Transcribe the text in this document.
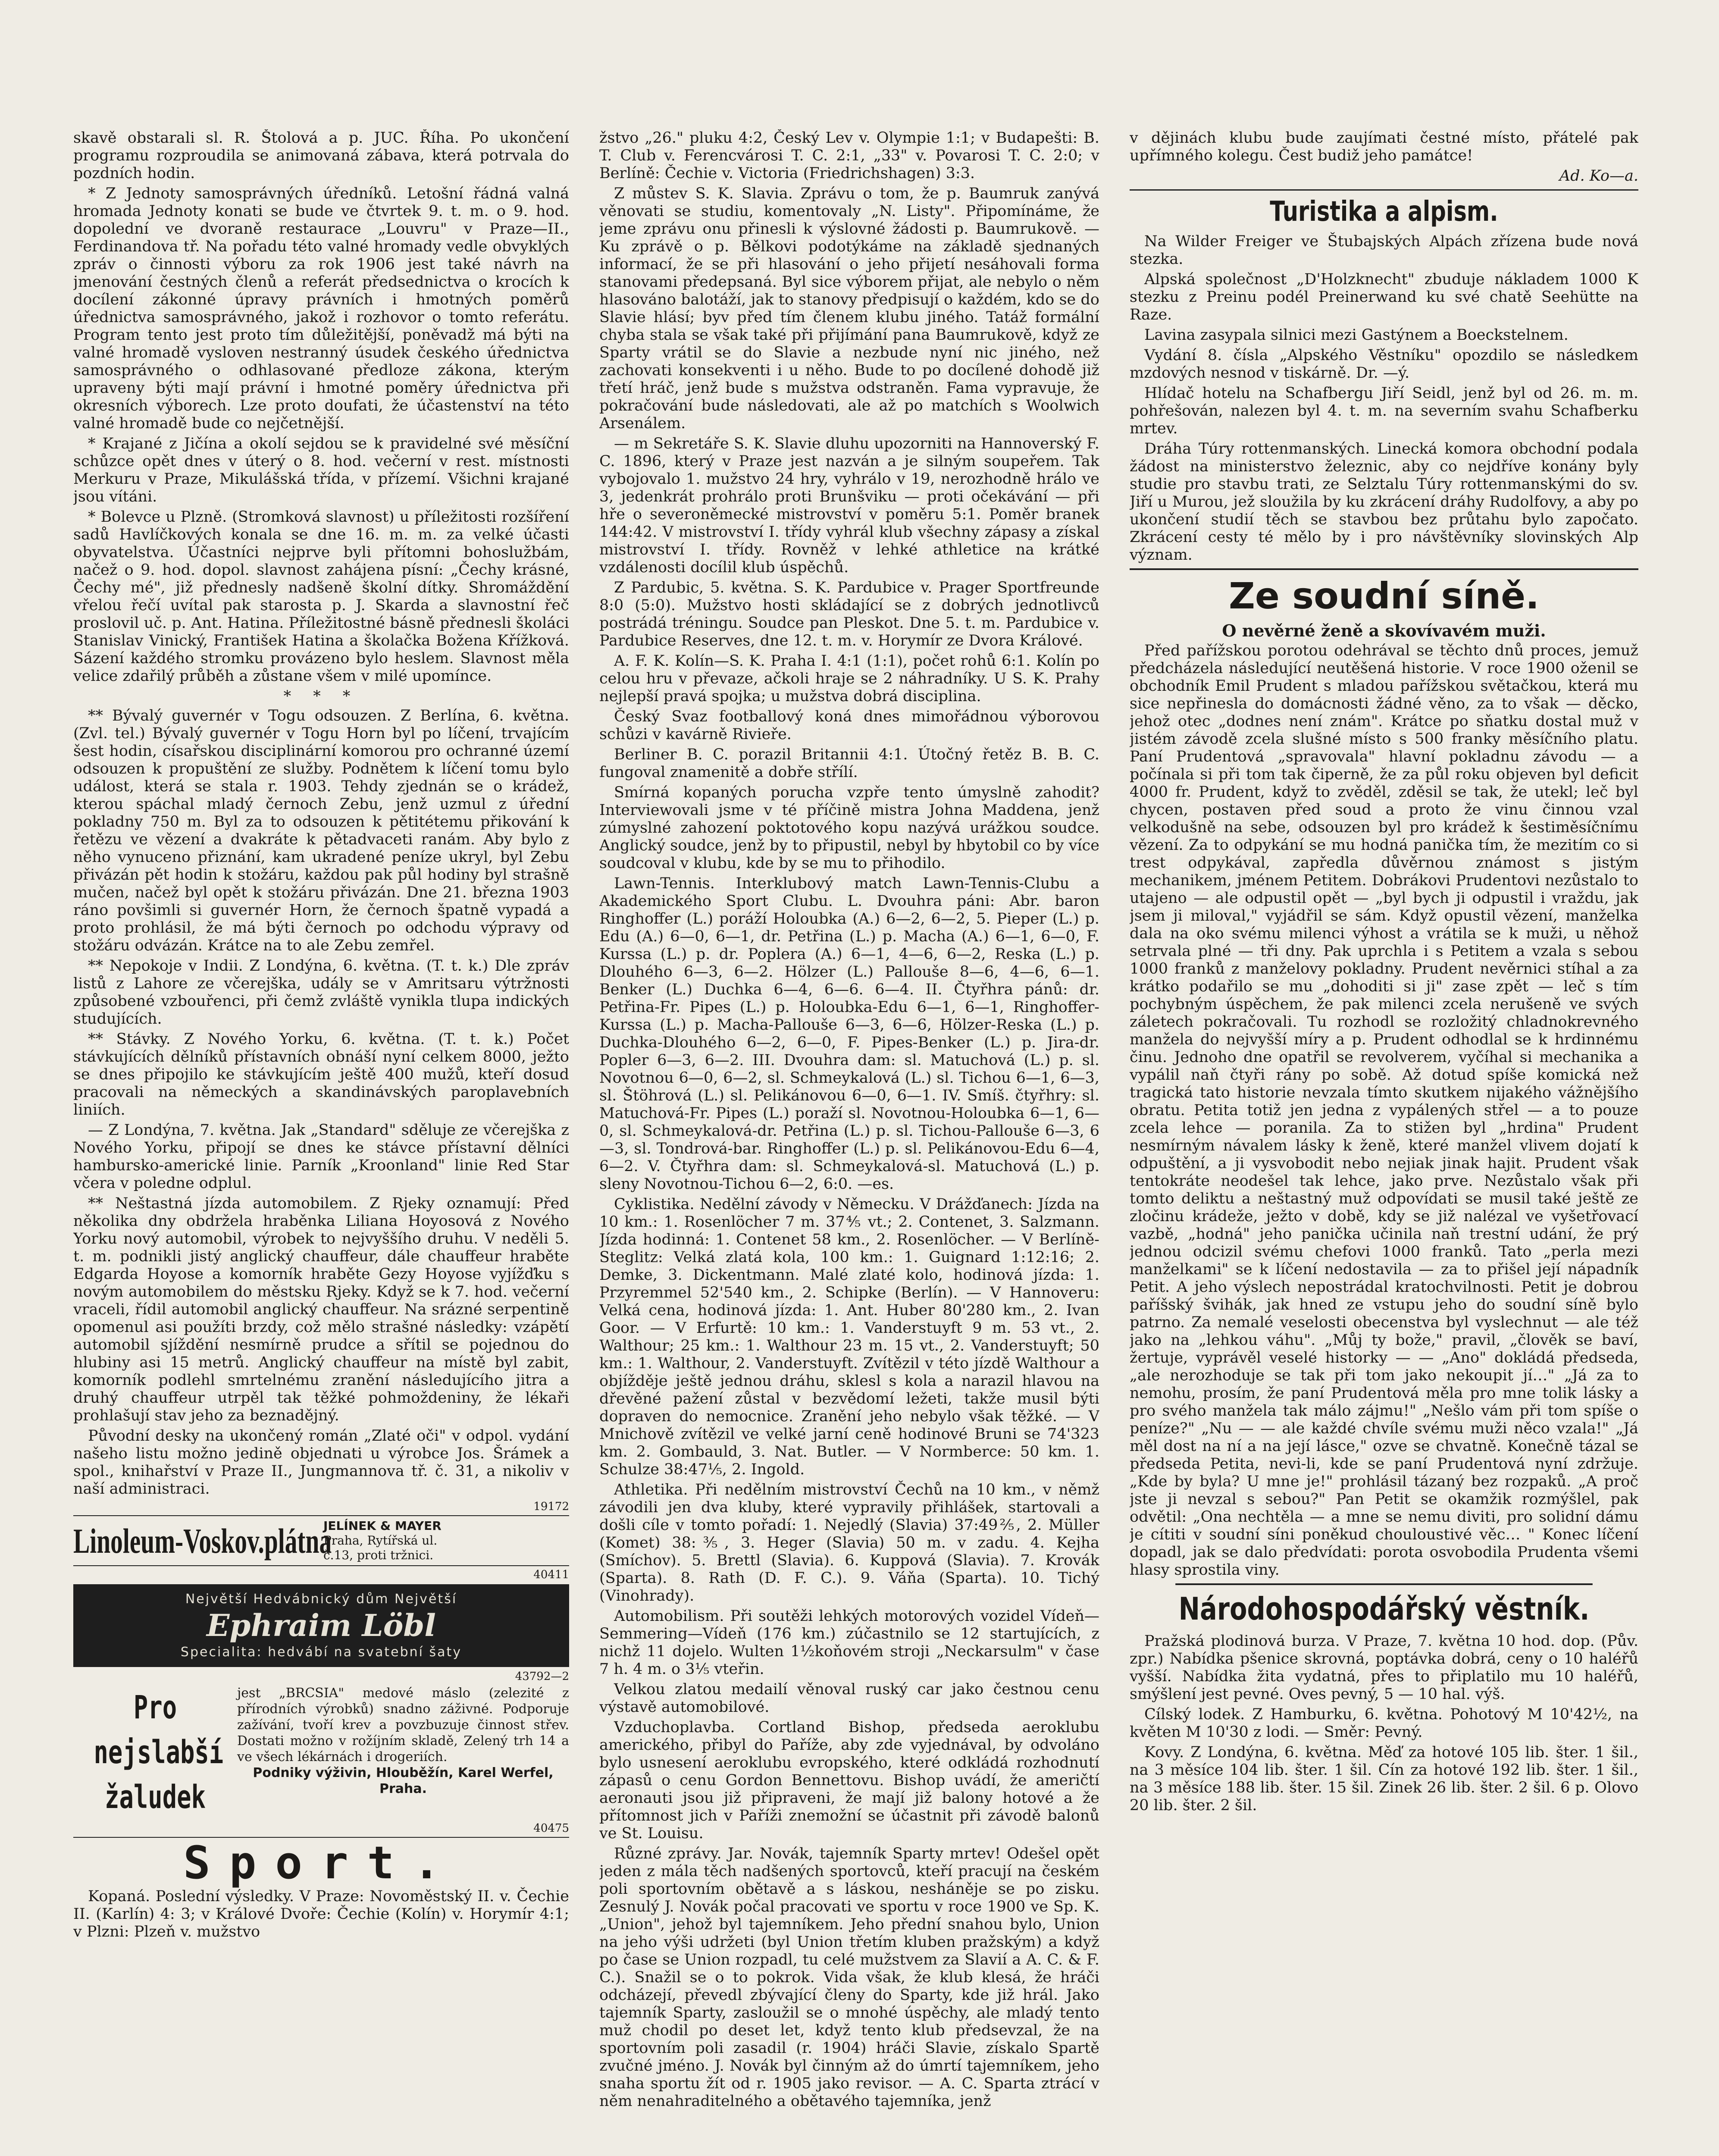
skavě obstarali sl. R. Štolová a p. JUC. Říha. Po ukončení programu rozproudila se animovaná zábava, která potrvala do pozdních hodin.

* Z Jednoty samosprávných úředníků. Letošní řádná valná hromada Jednoty konati se bude ve čtvrtek 9. t. m. o 9. hod. dopolední ve dvoraně restaurace „Louvru" v Praze—II., Ferdinandova tř. Na pořadu této valné hromady vedle obvyklých zpráv o činnosti výboru za rok 1906 jest také návrh na jmenování čestných členů a referát předsednictva o krocích k docílení zákonné úpravy právních i hmotných poměrů úřednictva samosprávného, jakož i rozhovor o tomto referátu. Program tento jest proto tím důležitější, poněvadž má býti na valné hromadě vysloven nestranný úsudek českého úřednictva samosprávného o odhlasované předloze zákona, kterým upraveny býti mají právní i hmotné poměry úřednictva při okresních výborech. Lze proto doufati, že účastenství na této valné hromadě bude co nejčetnější.

* Krajané z Jičína a okolí sejdou se k pravidelné své měsíční schůzce opět dnes v úterý o 8. hod. večerní v rest. místnosti Merkuru v Praze, Mikulášská třída, v přízemí. Všichni krajané jsou vítáni.

* Bolevce u Plzně. (Stromková slavnost) u příležitosti rozšíření sadů Havlíčkových konala se dne 16. m. m. za velké účasti obyvatelstva. Účastníci nejprve byli přítomni bohoslužbám, načež o 9. hod. dopol. slavnost zahájena písní: „Čechy krásné, Čechy mé", již přednesly nadšeně školní dítky. Shromáždění vřelou řečí uvítal pak starosta p. J. Skarda a slavnostní řeč proslovil uč. p. Ant. Hatina. Příležitostné básně přednesli školáci Stanislav Vinický, František Hatina a školačka Božena Křížková. Sázení každého stromku provázeno bylo heslem. Slavnost měla velice zdařilý průběh a zůstane všem v milé upomínce.

* * *

** Bývalý guvernér v Togu odsouzen. Z Berlína, 6. května. (Zvl. tel.) Bývalý guvernér v Togu Horn byl po líčení, trvajícím šest hodin, císařskou disciplinární komorou pro ochranné území odsouzen k propuštění ze služby. Podnětem k líčení tomu bylo událost, která se stala r. 1903. Tehdy zjednán se o krádež, kterou spáchal mladý černoch Zebu, jenž uzmul z úřední pokladny 750 m. Byl za to odsouzen k pětitétemu přikování k řetězu ve vězení a dvakráte k pětadvaceti ranám. Aby bylo z něho vynuceno přiznání, kam ukradené peníze ukryl, byl Zebu přivázán pět hodin k stožáru, každou pak půl hodiny byl strašně mučen, načež byl opět k stožáru přivázán. Dne 21. března 1903 ráno povšimli si guvernér Horn, že černoch špatně vypadá a proto prohlásil, že má býti černoch po odchodu výpravy od stožáru odvázán. Krátce na to ale Zebu zemřel.

** Nepokoje v Indii. Z Londýna, 6. května. (T. t. k.) Dle zpráv listů z Lahore ze včerejška, udály se v Amritsaru výtržnosti způsobené vzbouřenci, při čemž zvláště vynikla tlupa indických studujících.

** Stávky. Z Nového Yorku, 6. května. (T. t. k.) Počet stávkujících dělníků přístavních obnáší nyní celkem 8000, ježto se dnes připojilo ke stávkujícím ještě 400 mužů, kteří dosud pracovali na německých a skandinávských paroplavebních liniích.

— Z Londýna, 7. května. Jak „Standard" sděluje ze včerejška z Nového Yorku, připojí se dnes ke stávce přístavní dělníci hambursko-americké linie. Parník „Kroonland" linie Red Star včera v poledne odplul.

** Neštastná jízda automobilem. Z Rjeky oznamují: Před několika dny obdržela hraběnka Liliana Hoyosová z Nového Yorku nový automobil, výrobek to nejvyššího druhu. V neděli 5. t. m. podnikli jistý anglický chauffeur, dále chauffeur hraběte Edgarda Hoyose a komorník hraběte Gezy Hoyose vyjížďku s novým automobilem do městsku Rjeky. Když se k 7. hod. večerní vraceli, řídil automobil anglický chauffeur. Na srázné serpentině opomenul asi použíti brzdy, což mělo strašné následky: vzápětí automobil sjíždění nesmírně prudce a sřítil se pojednou do hlubiny asi 15 metrů. Anglický chauffeur na místě byl zabit, komorník podlehl smrtelnému zranění následujícího jitra a druhý chauffeur utrpěl tak těžké pohmoždeniny, že lékaři prohlašují stav jeho za beznadějný.

Původní desky na ukončený román „Zlaté oči" v odpol. vydání našeho listu možno jedině objednati u výrobce Jos. Šrámek a spol., knihařství v Praze II., Jungmannova tř. č. 31, a nikoliv v naší administraci.

19172
Linoleum-Voskov.plátna
JELÍNEK & MAYER
Praha, Rytířská ul.
č.13, proti tržnici.
40411
Největší Hedvábnický dům Největší
Ephraim Löbl
Specialita: hedvábí na svatební šaty
43792—2
Pro
nejslabší
žaludek
jest „BRCSIA" medové máslo (zelezité z přírodních výrobků) snadno záživné. Podporuje zažívání, tvoří krev a povzbuzuje činnost střev. Dostati možno v rožíjním skladě, Zelený trh 14 a ve všech lékárnách i drogeriích.
Podniky výživin, Hlouběžín, Karel Werfel, Praha.
40475
Sport.

Kopaná. Poslední výsledky. V Praze: Novoměstský II. v. Čechie II. (Karlín) 4: 3; v Králové Dvoře: Čechie (Kolín) v. Horymír 4:1; v Plzni: Plzeň v. mužstvo

žstvo „26." pluku 4:2, Český Lev v. Olympie 1:1; v Budapešti: B. T. Club v. Ferencvárosi T. C. 2:1, „33" v. Povarosi T. C. 2:0; v Berlíně: Čechie v. Victoria (Friedrichshagen) 3:3.

Z můstev S. K. Slavia. Zprávu o tom, že p. Baumruk zanývá věnovati se studiu, komentovaly „N. Listy". Připomínáme, že jeme zprávu onu přinesli k výslovné žádosti p. Baumrukově. — Ku zprávě o p. Bělkovi podotýkáme na základě sjednaných informací, že se při hlasování o jeho přijetí nesáhovali forma stanovami předepsaná. Byl sice výborem přijat, ale nebylo o něm hlasováno balotáží, jak to stanovy předpisují o každém, kdo se do Slavie hlásí; byv před tím členem klubu jiného. Tatáž formální chyba stala se však také při přijímání pana Baumrukově, když ze Sparty vrátil se do Slavie a nezbude nyní nic jiného, než zachovati konsekventi i u něho. Bude to po docílené dohodě již třetí hráč, jenž bude s mužstva odstraněn. Fama vypravuje, že pokračování bude následovati, ale až po matchích s Woolwich Arsenálem.

— m Sekretáře S. K. Slavie dluhu upozorniti na Hannoverský F. C. 1896, který v Praze jest nazván a je silným soupeřem. Tak vybojovalo 1. mužstvo 24 hry, vyhrálo v 19, nerozhodně hrálo ve 3, jedenkrát prohrálo proti Brunšviku — proti očekávání — při hře o severoněmecké mistrovství v poměru 5:1. Poměr branek 144:42. V mistrovství I. třídy vyhrál klub všechny zápasy a získal mistrovství I. třídy. Rovněž v lehké athletice na krátké vzdálenosti docílil klub úspěchů.

Z Pardubic, 5. května. S. K. Pardubice v. Prager Sportfreunde 8:0 (5:0). Mužstvo hosti skládající se z dobrých jednotlivců postrádá tréningu. Soudce pan Pleskot. Dne 5. t. m. Pardubice v. Pardubice Reserves, dne 12. t. m. v. Horymír ze Dvora Králové.

A. F. K. Kolín—S. K. Praha I. 4:1 (1:1), počet rohů 6:1. Kolín po celou hru v převaze, ačkoli hraje se 2 náhradníky. U S. K. Prahy nejlepší pravá spojka; u mužstva dobrá disciplina.

Český Svaz footballový koná dnes mimořádnou výborovou schůzi v kavárně Rivieře.

Berliner B. C. porazil Britannii 4:1. Útočný řetěz B. B. C. fungoval znamenitě a dobře střílí.

Smírná kopaných porucha vzpře tento úmyslně zahodit? Interviewovali jsme v té příčině mistra Johna Maddena, jenž zúmyslné zahození poktotového kopu nazývá urážkou soudce. Anglický soudce, jenž by to připustil, nebyl by hbytobil co by více soudcoval v klubu, kde by se mu to přihodilo.

Lawn-Tennis. Interklubový match Lawn-Tennis-Clubu a Akademického Sport Clubu. L. Dvouhra páni: Abr. baron Ringhoffer (L.) poráží Holoubka (A.) 6—2, 6—2, 5. Pieper (L.) p. Edu (A.) 6—0, 6—1, dr. Petřina (L.) p. Macha (A.) 6—1, 6—0, F. Kurssa (L.) p. dr. Poplera (A.) 6—1, 4—6, 6—2, Reska (L.) p. Dlouhého 6—3, 6—2. Hölzer (L.) Pallouše 8—6, 4—6, 6—1. Benker (L.) Duchka 6—4, 6—6. 6—4. II. Čtyřhra pánů: dr. Petřina-Fr. Pipes (L.) p. Holoubka-Edu 6—1, 6—1, Ringhoffer-Kurssa (L.) p. Macha-Pallouše 6—3, 6—6, Hölzer-Reska (L.) p. Duchka-Dlouhého 6—2, 6—0, F. Pipes-Benker (L.) p. Jira-dr. Popler 6—3, 6—2. III. Dvouhra dam: sl. Matuchová (L.) p. sl. Novotnou 6—0, 6—2, sl. Schmeykalová (L.) sl. Tichou 6—1, 6—3, sl. Štöhrová (L.) sl. Pelikánovou 6—0, 6—1. IV. Smíš. čtyřhry: sl. Matuchová-Fr. Pipes (L.) poraží sl. Novotnou-Holoubka 6—1, 6—0, sl. Schmeykalová-dr. Petřina (L.) p. sl. Tichou-Pallouše 6—3, 6—3, sl. Tondrová-bar. Ringhoffer (L.) p. sl. Pelikánovou-Edu 6—4, 6—2. V. Čtyřhra dam: sl. Schmeykalová-sl. Matuchová (L.) p. sleny Novotnou-Tichou 6—2, 6:0. —es.

Cyklistika. Nedělní závody v Německu. V Drážďanech: Jízda na 10 km.: 1. Rosenlöcher 7 m. 37⅘ vt.; 2. Contenet, 3. Salzmann. Jízda hodinná: 1. Contenet 58 km., 2. Rosenlöcher. — V Berlíně-Steglitz: Velká zlatá kola, 100 km.: 1. Guignard 1:12:16; 2. Demke, 3. Dickentmann. Malé zlaté kolo, hodinová jízda: 1. Przyremmel 52'540 km., 2. Schipke (Berlín). — V Hannoveru: Velká cena, hodinová jízda: 1. Ant. Huber 80'280 km., 2. Ivan Goor. — V Erfurtě: 10 km.: 1. Vanderstuyft 9 m. 53 vt., 2. Walthour; 25 km.: 1. Walthour 23 m. 15 vt., 2. Vanderstuyft; 50 km.: 1. Walthour, 2. Vanderstuyft. Zvítězil v této jízdě Walthour a objížděje ještě jednou dráhu, sklesl s kola a narazil hlavou na dřevěné pažení zůstal v bezvědomí ležeti, takže musil býti dopraven do nemocnice. Zranění jeho nebylo však těžké. — V Mnichově zvítězil ve velké jarní ceně hodinové Bruni se 74'323 km. 2. Gombauld, 3. Nat. Butler. — V Normberce: 50 km. 1. Schulze 38:47⅕, 2. Ingold.

Athletika. Při nedělním mistrovství Čechů na 10 km., v němž závodili jen dva kluby, které vypravily přihlášek, startovali a došli cíle v tomto pořadí: 1. Nejedlý (Slavia) 37:49⅖, 2. Müller (Komet) 38:⅗, 3. Heger (Slavia) 50 m. v zadu. 4. Kejha (Smíchov). 5. Brettl (Slavia). 6. Kuppová (Slavia). 7. Krovák (Sparta). 8. Rath (D. F. C.). 9. Váňa (Sparta). 10. Tichý (Vinohrady).

Automobilism. Při soutěži lehkých motorových vozidel Vídeň—Semmering—Vídeň (176 km.) zúčastnilo se 12 startujících, z nichž 11 dojelo. Wulten 1½koňovém stroji „Neckarsulm" v čase 7 h. 4 m. o 3⅕ vteřin.

Velkou zlatou medailí věnoval ruský car jako čestnou cenu výstavě automobilové.

Vzduchoplavba. Cortland Bishop, předseda aeroklubu amerického, přibyl do Paříže, aby zde vyjednával, by odvoláno bylo usnesení aeroklubu evropského, které odkládá rozhodnutí zápasů o cenu Gordon Bennettovu. Bishop uvádí, že američtí aeronauti jsou již připraveni, že mají již balony hotové a že přítomnost jich v Paříži znemožní se účastnit při závodě balonů ve St. Louisu.

Různé zprávy. Jar. Novák, tajemník Sparty mrtev! Odešel opět jeden z mála těch nadšených sportovců, kteří pracují na českém poli sportovním obětavě a s láskou, nesháněje se po zisku. Zesnulý J. Novák počal pracovati ve sportu v roce 1900 ve Sp. K. „Union", jehož byl tajemníkem. Jeho přední snahou bylo, Union na jeho výši udržeti (byl Union třetím kluben pražským) a když po čase se Union rozpadl, tu celé mužstvem za Slavií a A. C. & F. C.). Snažil se o to pokrok. Vida však, že klub klesá, že hráči odcházejí, převedl zbývající členy do Sparty, kde již hrál. Jako tajemník Sparty, zasloužil se o mnohé úspěchy, ale mladý tento muž chodil po deset let, když tento klub předsevzal, že na sportovním poli zasadil (r. 1904) hráči Slavie, získalo Spartě zvučné jméno. J. Novák byl činným až do úmrtí tajemníkem, jeho snaha sportu žít od r. 1905 jako revisor. — A. C. Sparta ztrácí v něm nenahraditelného a obětavého tajemníka, jenž

v dějinách klubu bude zaujímati čestné místo, přátelé pak upřímného kolegu. Čest budiž jeho památce!

Ad. Ko—a.
Turistika a alpism.

Na Wilder Freiger ve Štubajských Alpách zřízena bude nová stezka.

Alpská společnost „D'Holzknecht" zbuduje nákladem 1000 K stezku z Preinu podél Preinerwand ku své chatě Seehütte na Raze.

Lavina zasypala silnici mezi Gastýnem a Boeckstelnem.

Vydání 8. čísla „Alpského Věstníku" opozdilo se následkem mzdových nesnod v tiskárně. Dr. —ý.

Hlídač hotelu na Schafbergu Jiří Seidl, jenž byl od 26. m. m. pohřešován, nalezen byl 4. t. m. na severním svahu Schafberku mrtev.

Dráha Túry rottenmanských. Linecká komora obchodní podala žádost na ministerstvo železnic, aby co nejdříve konány byly studie pro stavbu trati, ze Selztalu Túry rottenmanskými do sv. Jiří u Murou, jež sloužila by ku zkrácení dráhy Rudolfovy, a aby po ukončení studií těch se stavbou bez průtahu bylo započato. Zkrácení cesty té mělo by i pro návštěvníky slovinských Alp význam.

Ze soudní síně.
O nevěrné ženě a skovívavém muži.

Před pařížskou porotou odehrával se těchto dnů proces, jemuž předcházela následující neutěšená historie. V roce 1900 oženil se obchodník Emil Prudent s mladou pařížskou světačkou, která mu sice nepřinesla do domácnosti žádné věno, za to však — děcko, jehož otec „dodnes není znám". Krátce po sňatku dostal muž v jistém závodě zcela slušné místo s 500 franky měsíčního platu. Paní Prudentová „spravovala" hlavní pokladnu závodu — a počínala si při tom tak čiperně, že za půl roku objeven byl deficit 4000 fr. Prudent, když to zvěděl, zděsil se tak, že utekl; leč byl chycen, postaven před soud a proto že vinu činnou vzal velkodušně na sebe, odsouzen byl pro krádež k šestiměsíčnímu vězení. Za to odpykání se mu hodná panička tím, že mezitím co si trest odpykával, zapředla důvěrnou známost s jistým mechanikem, jménem Petitem. Dobrákovi Prudentovi nezůstalo to utajeno — ale odpustil opět — „byl bych ji odpustil i vraždu, jak jsem ji miloval," vyjádřil se sám. Když opustil vězení, manželka dala na oko svému milenci výhost a vrátila se k muži, u něhož setrvala plné — tři dny. Pak uprchla i s Petitem a vzala s sebou 1000 franků z manželovy pokladny. Prudent nevěrnici stíhal a za krátko podařilo se mu „dohoditi si ji" zase zpět — leč s tím pochybným úspěchem, že pak milenci zcela nerušeně ve svých záletech pokračovali. Tu rozhodl se rozložitý chladnokrevného manžela do nejvyšší míry a p. Prudent odhodlal se k hrdinnému činu. Jednoho dne opatřil se revolverem, vyčíhal si mechanika a vypálil naň čtyři rány po sobě. Až dotud spíše komická než tragická tato historie nevzala tímto skutkem nijakého vážnějšího obratu. Petita totiž jen jedna z vypálených střel — a to pouze zcela lehce — poranila. Za to stižen byl „hrdina" Prudent nesmírným návalem lásky k ženě, které manžel vlivem dojatí k odpuštění, a ji vysvobodit nebo nejiak jinak hajit. Prudent však tentokráte neodešel tak lehce, jako prve. Nezůstalo však při tomto deliktu a neštastný muž odpovídati se musil také ještě ze zločinu krádeže, ježto v době, kdy se již nalézal ve vyšetřovací vazbě, „hodná" jeho panička učinila naň trestní udání, že prý jednou odcizil svému chefovi 1000 franků. Tato „perla mezi manželkami" se k líčení nedostavila — za to přišel její nápadník Petit. A jeho výslech nepostrádal kratochvilnosti. Petit je dobrou paříšský švihák, jak hned ze vstupu jeho do soudní síně bylo patrno. Za nemalé veselosti obecenstva byl vyslechnut — ale též jako na „lehkou váhu". „Můj ty bože," pravil, „člověk se baví, žertuje, vyprávěl veselé historky — — „Ano" dokládá předseda, „ale nerozhoduje se tak při tom jako nekoupit jí…" „Já za to nemohu, prosím, že paní Prudentová měla pro mne tolik lásky a pro svého manžela tak málo zájmu!" „Nešlo vám při tom spíše o peníze?" „Nu — — ale každé chvíle svému muži něco vzala!" „Já měl dost na ní a na její lásce," ozve se chvatně. Konečně tázal se předseda Petita, nevi-li, kde se paní Prudentová nyní zdržuje. „Kde by byla? U mne je!" prohlásil tázaný bez rozpaků. „A proč jste ji nevzal s sebou?" Pan Petit se okamžik rozmýšlel, pak odvětil: „Ona nechtěla — a mne se nemu diviti, pro solidní dámu je cítiti v soudní síni poněkud chouloustivé věc… " Konec líčení dopadl, jak se dalo předvídati: porota osvobodila Prudenta všemi hlasy sprostila viny.

Národohospodářský věstník.

Pražská plodinová burza. V Praze, 7. května 10 hod. dop. (Pův. zpr.) Nabídka pšenice skrovná, poptávka dobrá, ceny o 10 haléřů vyšší. Nabídka žita vydatná, přes to připlatilo mu 10 haléřů, smýšlení jest pevné. Oves pevný, 5 — 10 hal. výš.

Cílský lodek. Z Hamburku, 6. května. Pohotový M 10'42½, na květen M 10'30 z lodi. — Směr: Pevný.

Kovy. Z Londýna, 6. května. Měď za hotové 105 lib. šter. 1 šil., na 3 měsíce 104 lib. šter. 1 šil. Cín za hotové 192 lib. šter. 1 šil., na 3 měsíce 188 lib. šter. 15 šil. Zinek 26 lib. šter. 2 šil. 6 p. Olovo 20 lib. šter. 2 šil.
